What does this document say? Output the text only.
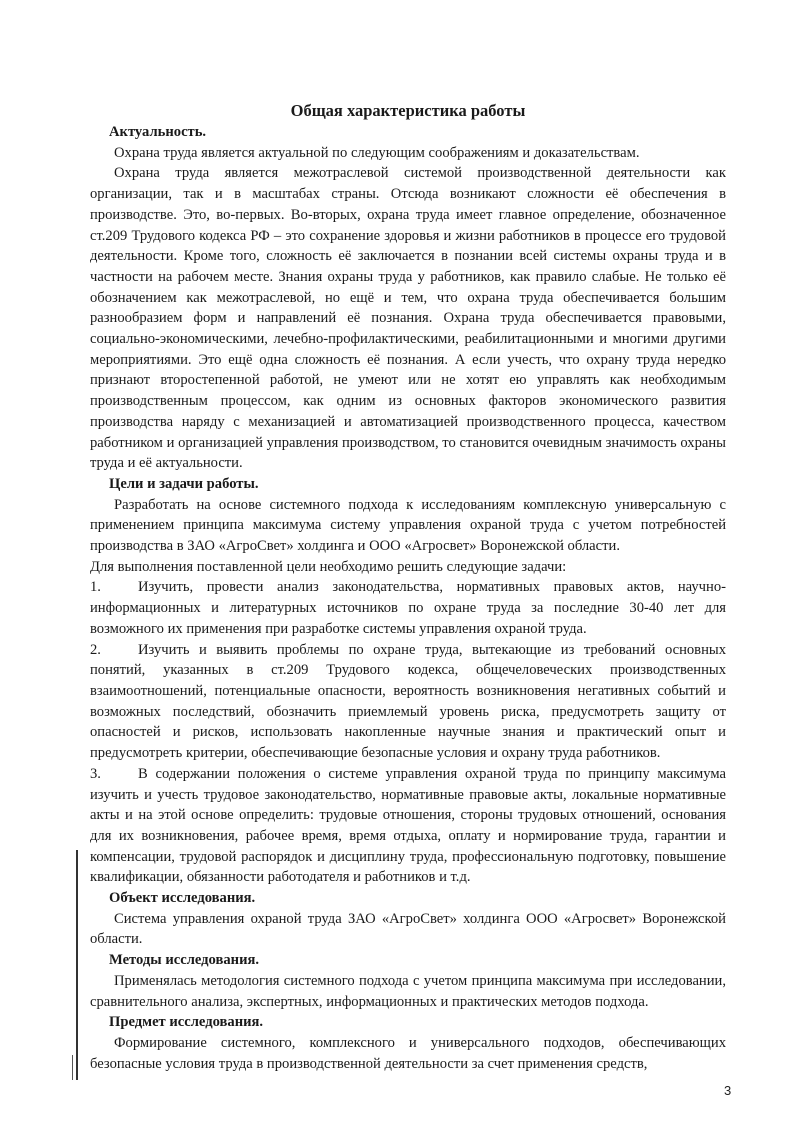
Общая характеристика работы
Актуальность.

Охрана труда является актуальной по следующим соображениям и доказательствам.

Охрана труда является межотраслевой системой производственной деятельности как организации, так и в масштабах страны. Отсюда возникают сложности её обеспечения в производстве. Это, во-первых. Во-вторых, охрана труда имеет главное определение, обозначенное ст.209 Трудового кодекса РФ – это сохранение здоровья и жизни работников в процессе его трудовой деятельности. Кроме того, сложность её заключается в познании всей системы охраны труда и в частности на рабочем месте. Знания охраны труда у работников, как правило слабые. Не только её обозначением как межотраслевой, но ещё и тем, что охрана труда обеспечивается большим разнообразием форм и направлений её познания. Охрана труда обеспечивается правовыми, социально-экономическими, лечебно-профилактическими, реабилитационными и многими другими мероприятиями. Это ещё одна сложность её познания. А если учесть, что охрану труда нередко признают второстепенной работой, не умеют или не хотят ею управлять как необходимым производственным процессом, как одним из основных факторов экономического развития производства наряду с механизацией и автоматизацией производственного процесса, качеством работником и организацией управления производством, то становится очевидным значимость охраны труда и её актуальности.

Цели и задачи работы.

Разработать на основе системного подхода к исследованиям комплексную универсальную с применением принципа максимума систему управления охраной труда с учетом потребностей производства в ЗАО «АгроСвет» холдинга и ООО «Агросвет» Воронежской области.

Для выполнения поставленной цели необходимо решить следующие задачи:

1.	Изучить, провести анализ законодательства, нормативных правовых актов, научно-информационных и литературных источников по охране труда за последние 30-40 лет для возможного их применения при разработке системы управления охраной труда.

2.	Изучить и выявить проблемы по охране труда, вытекающие из требований основных понятий, указанных в ст.209 Трудового кодекса, общечеловеческих производственных взаимоотношений, потенциальные опасности, вероятность возникновения негативных событий и возможных последствий, обозначить приемлемый уровень риска, предусмотреть защиту от опасностей и рисков, использовать накопленные научные знания и практический опыт и предусмотреть критерии, обеспечивающие безопасные условия и охрану труда работников.

3.	В содержании положения о системе управления охраной труда по принципу максимума изучить и учесть трудовое законодательство, нормативные правовые акты, локальные нормативные акты и на этой основе определить: трудовые отношения, стороны трудовых отношений, основания для их возникновения, рабочее время, время отдыха, оплату и нормирование труда, гарантии и компенсации, трудовой распорядок и дисциплину труда, профессиональную подготовку, повышение квалификации, обязанности работодателя и работников и т.д.

Объект исследования.

Система управления охраной труда ЗАО «АгроСвет» холдинга ООО «Агросвет» Воронежской области.

Методы исследования.

Применялась методология системного подхода с учетом принципа максимума при исследовании, сравнительного анализа, экспертных, информационных и практических методов подхода.

Предмет исследования.

Формирование системного, комплексного и универсального подходов, обеспечивающих безопасные условия труда в производственной деятельности за счет применения средств,

3
